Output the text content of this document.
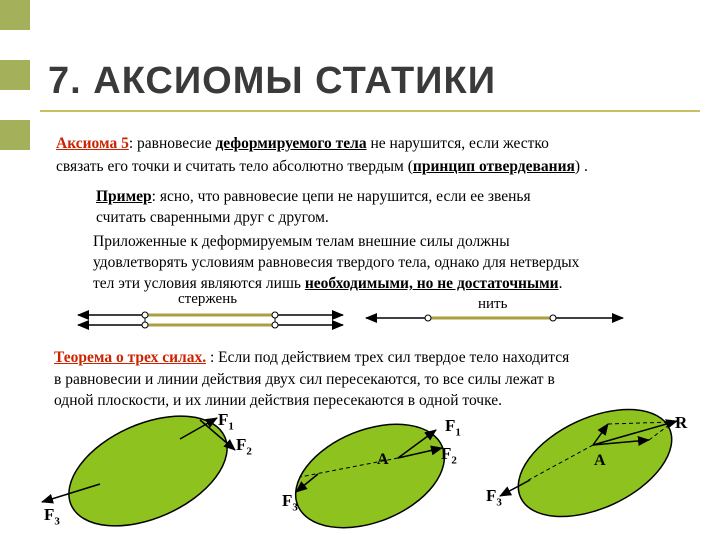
7. АКСИОМЫ СТАТИКИ
Аксиома 5: равновесие деформируемого тела не нарушится, если жестко
связать его точки и считать тело абсолютно твердым (принцип отвердевания) .
Пример: ясно, что равновесие цепи не нарушится, если ее звенья
считать сваренными друг с другом.
Приложенные к деформируемым телам внешние силы должны
удовлетворять условиям равновесия твердого тела, однако для нетвердых
тел эти условия являются лишь необходимыми, но не достаточными.
стержень	нить
Теорема о трех силах. : Если под действием трех сил твердое тело находится
в равновесии и линии действия двух сил пересекаются, то все силы лежат в
одной плоскости, и их линии действия пересекаются в одной точке.
$F_1$
$F_2$
$F_3$
$F_1$
$F_2$
A
$F_3$
R
A
$F_3$
